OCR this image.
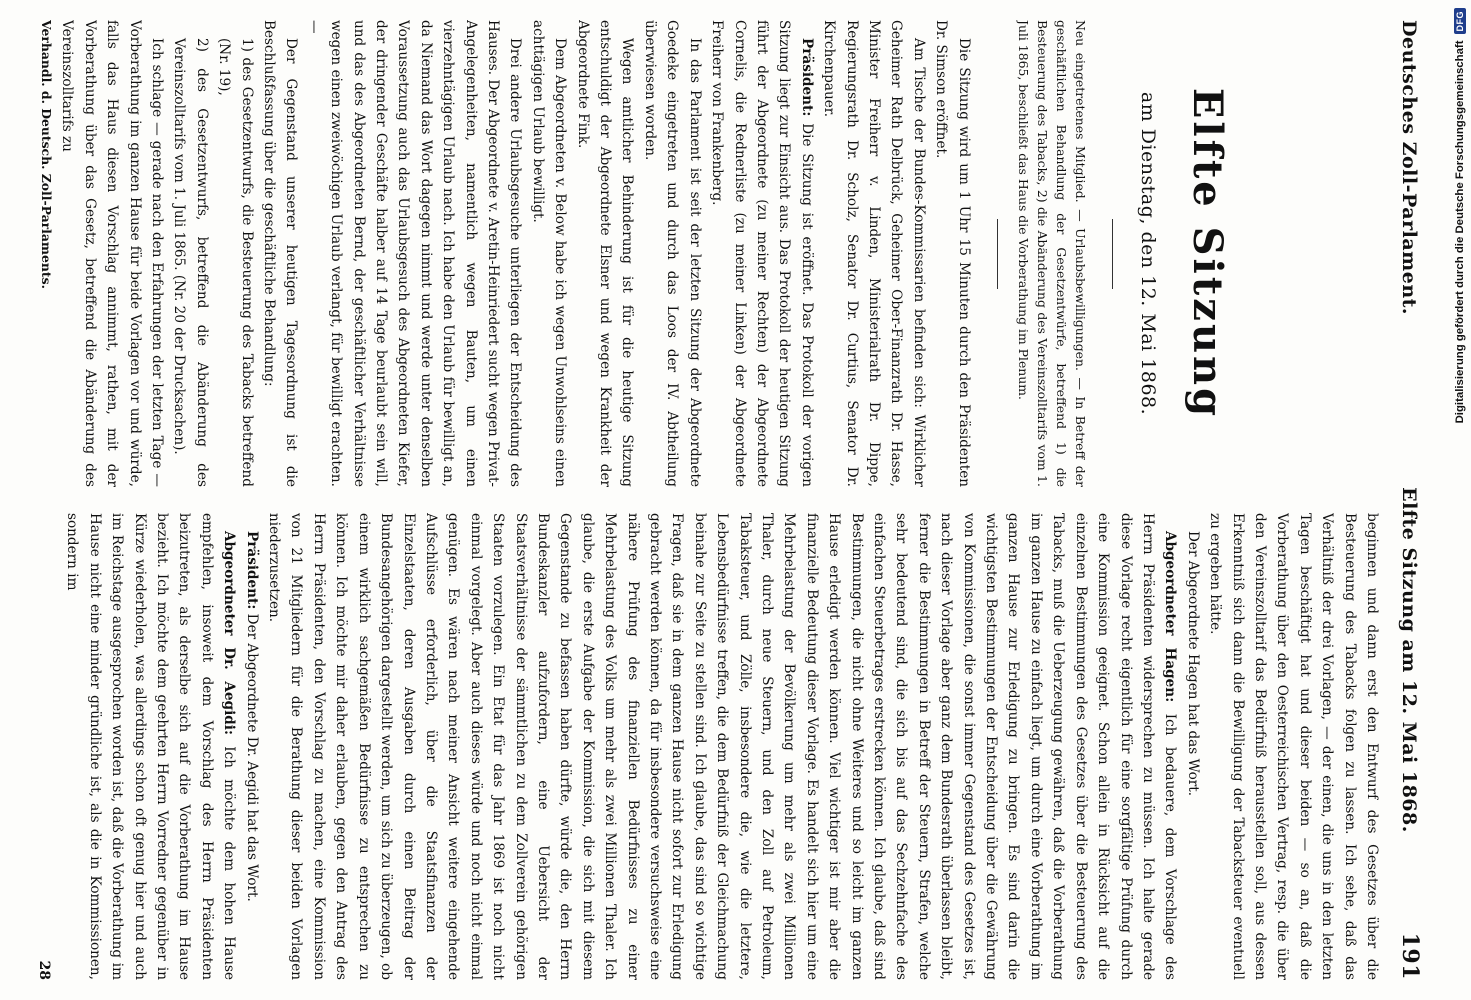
Deutsches Zoll-Parlament.
Elfte Sitzung am 12. Mai 1868.
191
Elfte Sitzung
am Dienstag, den 12. Mai 1868.

Neu eingetretenes Mitglied. — Urlaubsbewilligungen. — In Betreff der geschäftlichen Behandlung der Gesetzentwürfe, betreffend 1) die Besteuerung des Tabacks, 2) die Abänderung des Vereinszolltarifs vom 1. Juli 1865, beschließt das Haus die Vorberathung im Plenum.

Die Sitzung wird um 1 Uhr 15 Minuten durch den Präsidenten Dr. Simson eröffnet.

Am Tische der Bundes-Kommissarien befinden sich: Wirklicher Geheimer Rath Delbrück, Geheimer Ober-Finanzrath Dr. Hasse, Minister Freiherr v. Linden, Ministerialrath Dr. Dippe, Regierungsrath Dr. Scholz, Senator Dr. Curtius, Senator Dr. Kirchenpauer.

Präsident: Die Sitzung ist eröffnet. Das Protokoll der vorigen Sitzung liegt zur Einsicht aus. Das Protokoll der heutigen Sitzung führt der Abgeordnete (zu meiner Rechten) der Abgeordnete Cornelis, die Rednerliste (zu meiner Linken) der Abgeordnete Freiherr von Frankenberg.

In das Parlament ist seit der letzten Sitzung der Abgeordnete Goedeke eingetreten und durch das Loos der IV. Abtheilung überwiesen worden.

Wegen amtlicher Behinderung ist für die heutige Sitzung entschuldigt der Abgeordnete Elsner und wegen Krankheit der Abgeordnete Fink.

Dem Abgeordneten v. Below habe ich wegen Unwohlseins einen achttägigen Urlaub bewilligt.

Drei andere Urlaubsgesuche unterliegen der Entscheidung des Hauses. Der Abgeordnete v. Aretin-Heinriedert sucht wegen Privat-Angelegenheiten, namentlich wegen Bauten, um einen vierzehntägigen Urlaub nach. Ich habe den Urlaub für bewilligt an, da Niemand das Wort dagegen nimmt und werde unter denselben Voraussetzung auch das Urlaubsgesuch des Abgeordneten Kiefer, der dringender Geschäfte halber auf 14 Tage beurlaubt sein will, und das des Abgeordneten Bernd, der geschäftlicher Verhältnisse wegen einen zweiwöchigen Urlaub verlangt, für bewilligt erachten. —

Der Gegenstand unserer heutigen Tagesordnung ist die Beschlußfassung über die geschäftliche Behandlung:

1) des Gesetzentwurfs, die Besteuerung des Tabacks betreffend (Nr. 19),

2) des Gesetzentwurfs, betreffend die Abänderung des Vereinszolltarifs vom 1. Juli 1865. (Nr. 20 der Drucksachen).

Ich schlage — gerade nach den Erfahrungen der letzten Tage — Vorberathung im ganzen Hause für beide Vorlagen vor und würde, falls das Haus diesen Vorschlag annimmt, rathen, mit der Vorberathung über das Gesetz, betreffend die Abänderung des Vereinszolltarifs zu

Verhandl. d. Deutsch. Zoll-Parlaments.

beginnen und dann erst den Entwurf des Gesetzes über die Besteuerung des Tabacks folgen zu lassen. Ich sehe, daß das Verhältniß der drei Vorlagen, — der einen, die uns in den letzten Tagen beschäftigt hat und dieser beiden — so an, daß die Vorberathung über den Oesterreichischen Vertrag, resp. die über den Vereinszolltarif das Bedürfniß herausstellen soll, aus dessen Erkenntniß sich dann die Bewilligung der Tabacksteuer eventuell zu ergeben hätte.

Der Abgeordnete Hagen hat das Wort.

Abgeordneter Hagen: Ich bedauere, dem Vorschlage des Herrn Präsidenten widersprechen zu müssen. Ich halte gerade diese Vorlage recht eigentlich für eine sorgfältige Prüfung durch eine Kommission geeignet. Schon allein in Rücksicht auf die einzelnen Bestimmungen des Gesetzes über die Besteuerung des Tabacks, muß die Ueberzeugung gewähren, daß die Vorberathung im ganzen Hause zu einfach liegt, um durch eine Vorberathung im ganzen Hause zur Erledigung zu bringen. Es sind darin die wichtigsten Bestimmungen der Entscheidung über die Gewährung von Kommissionen, die sonst immer Gegenstand des Gesetzes ist, nach dieser Vorlage aber ganz dem Bundesrath überlassen bleibt, ferner die Bestimmungen in Betreff der Steuern, Strafen, welche sehr bedeutend sind, die sich bis auf das Sechzehnfache des einfachen Steuerbetrages erstrecken können. Ich glaube, daß sind Bestimmungen, die nicht ohne Weiteres und so leicht im ganzen Hause erledigt werden können. Viel wichtiger ist mir aber die finanzielle Bedeutung dieser Vorlage. Es handelt sich hier um eine Mehrbelastung der Bevölkerung um mehr als zwei Millionen Thaler, durch neue Steuern, und den Zoll auf Petroleum, Tabaksteuer, und Zölle, insbesondere die, wie die letztere, Lebensbedürfnisse treffen, die dem Bedürfniß der Gleichmachung beinahe zur Seite zu stellen sind. Ich glaube, das sind so wichtige Fragen, daß sie in dem ganzen Hause nicht sofort zur Erledigung gebracht werden können, da für insbesondere versuchsweise eine nähere Prüfung des finanziellen Bedürfnisses zu einer Mehrbelastung des Volks um mehr als zwei Millionen Thaler. Ich glaube, die erste Aufgabe der Kommission, die sich mit diesem Gegenstande zu befassen haben dürfte, würde die, den Herrn Bundeskanzler aufzufordern, eine Uebersicht der Staatsverhältnisse der sämmtlichen zu dem Zollverein gehörigen Staaten vorzulegen. Ein Etat für das Jahr 1869 ist noch nicht einmal vorgelegt. Aber auch dieses würde und noch nicht einmal genügen. Es wären nach meiner Ansicht weitere eingehende Aufschlüsse erforderlich, über die Staatsfinanzen der Einzelstaaten, deren Ausgaben durch einen Beitrag der Bundesangehörigen dargestellt werden, um sich zu überzeugen, ob einem wirklich sachgemäßen Bedürfnisse zu entsprechen zu können. Ich möchte mir daher erlauben, gegen den Antrag des Herrn Präsidenten, den Vorschlag zu machen, eine Kommission von 21 Mitgliedern für die Berathung dieser beiden Vorlagen niederzusetzen.

Präsident: Der Abgeordnete Dr. Aegidi hat das Wort.

Abgeordneter Dr. Aegidi: Ich möchte dem hohen Hause empfehlen, insoweit dem Vorschlag des Herrn Präsidenten beizutreten, als derselbe sich auf die Vorberathung im Hause bezieht. Ich möchte dem geehrten Herrn Vorredner gegenüber in Kürze wiederholen, was allerdings schon oft genug hier und auch im Reichstage ausgesprochen worden ist, daß die Vorberathung im Hause nicht eine minder gründliche ist, als die in Kommissionen, sondern im

28
Digitalisierung gefördert durch die Deutsche Forschungsgemeinschaft
DFG
